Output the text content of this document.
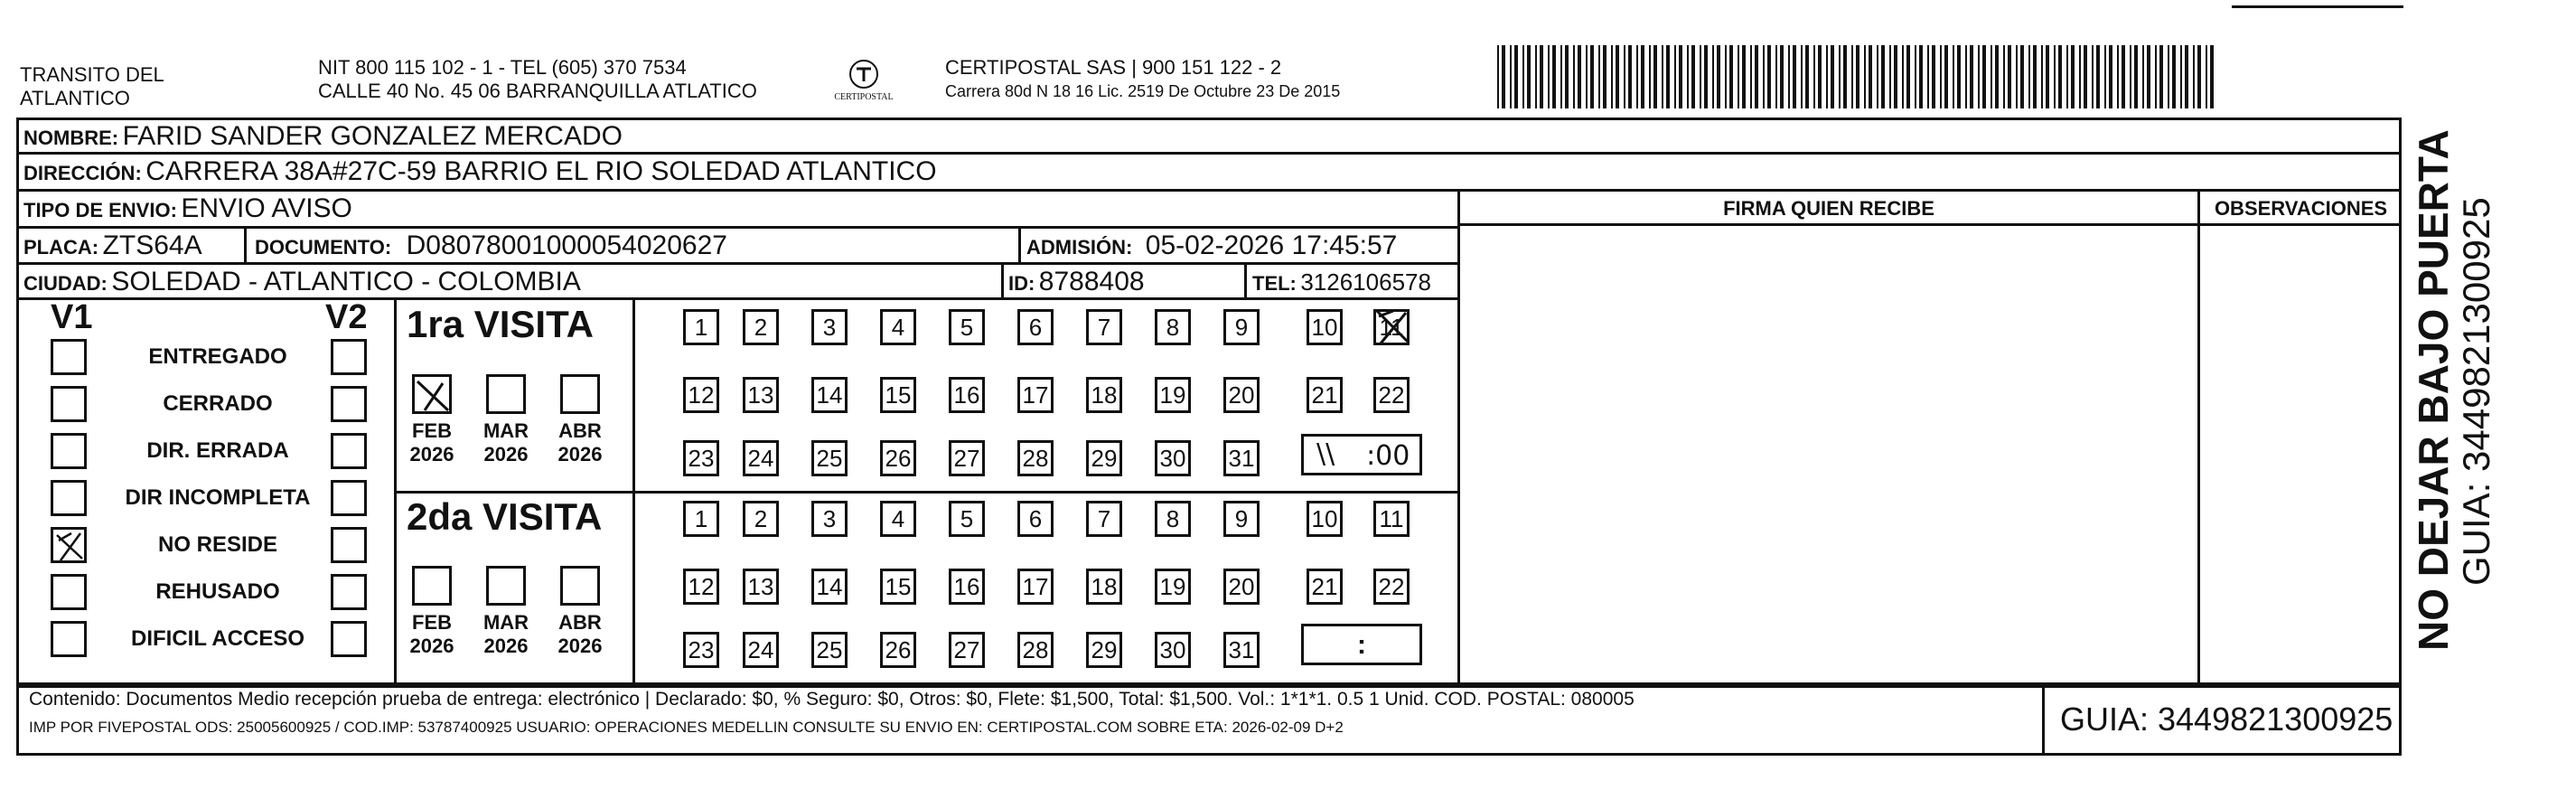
TRANSITO DEL
ATLANTICO
NIT 800 115 102 - 1 - TEL (605) 370 7534
CALLE 40 No. 45 06 BARRANQUILLA ATLATICO	CERTIPOSTAL
CERTIPOSTAL SAS | 900 151 122 - 2
Carrera 80d N 18 16 Lic. 2519 De Octubre 23 De 2015
NOMBRE: FARID SANDER GONZALEZ MERCADO
DIRECCIÓN: CARRERA 38A#27C-59 BARRIO EL RIO SOLEDAD ATLANTICO
TIPO DE ENVIO: ENVIO AVISO	FIRMA QUIEN RECIBE	OBSERVACIONES
PLACA: ZTS64A	DOCUMENTO: D08078001000054020627	ADMISIÓN: 05-02-2026 17:45:57
CIUDAD: SOLEDAD - ATLANTICO - COLOMBIA	ID: 8788408	TEL: 3126106578
V1	V2
ENTREGADO
CERRADO
DIR. ERRADA
DIR INCOMPLETA
NO RESIDE
REHUSADO
DIFICIL ACCESO
1ra VISITA
2da VISITA
1	2	3	4	5	6	7	8	9	10 11
12 13 14 15 16 17 18 19 20 21 22
23 24 25 26 27 28 29 30 31
FEB
2026
MAR
2026
ABR
2026
1	2	3	4	5	6	7	8	9	10 11
12 13 14 15 16 17 18 19 20 21 22
23 24 25 26 27 28 29 30 31
FEB
2026
MAR
2026
ABR
2026
\\ :00
:
Contenido: Documentos Medio recepción prueba de entrega: electrónico | Declarado: $0, % Seguro: $0, Otros: $0, Flete: $1,500, Total: $1,500. Vol.: 1*1*1. 0.5 1 Unid. COD. POSTAL: 080005
IMP POR FIVEPOSTAL ODS: 25005600925 / COD.IMP: 53787400925 USUARIO: OPERACIONES MEDELLIN CONSULTE SU ENVIO EN: CERTIPOSTAL.COM SOBRE ETA: 2026-02-09 D+2	GUIA: 3449821300925
NO DEJAR BAJO PUERTA
GUIA: 3449821300925
